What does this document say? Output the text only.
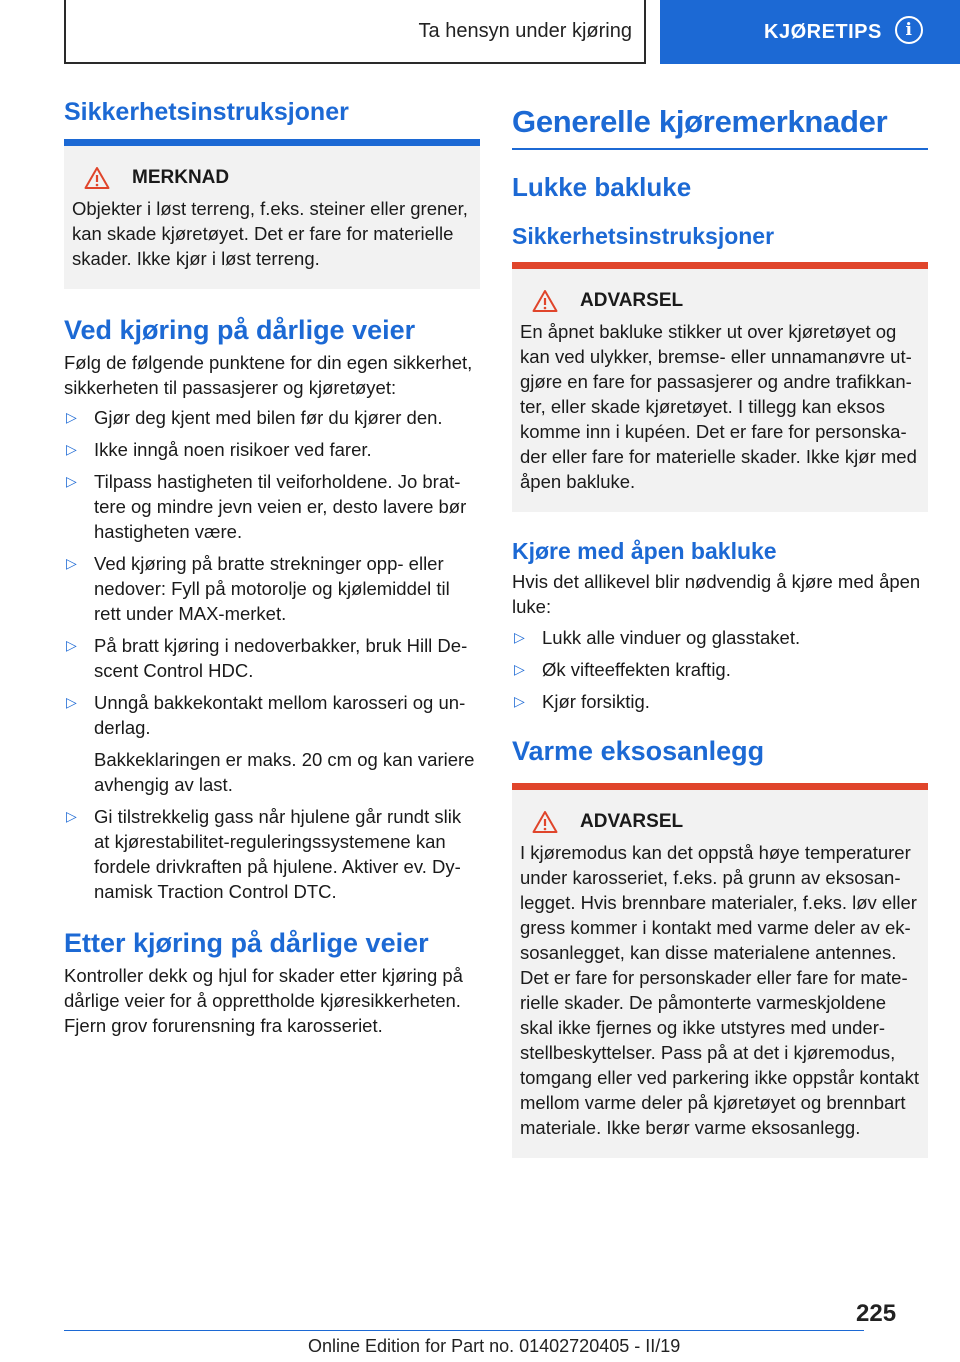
Ta hensyn under kjøring	KJØRETIPS	i
Sikkerhetsinstruksjoner
MERKNAD

Objekter i løst terreng, f.eks. steiner eller grener, kan skade kjøretøyet. Det er fare for materielle skader. Ikke kjør i løst terreng.

Ved kjøring på dårlige veier

Følg de følgende punktene for din egen sikkerhet, sikkerheten til passasjerer og kjøretøyet:

▷ Gjør deg kjent med bilen før du kjører den.
▷ Ikke inngå noen risikoer ved farer.
▷ Tilpass hastigheten til veiforholdene. Jo brattere og mindre jevn veien er, desto lavere bør hastigheten være.
▷ Ved kjøring på bratte strekninger opp- eller nedover: Fyll på motorolje og kjølemiddel til rett under MAX-merket.
▷ På bratt kjøring i nedoverbakker, bruk Hill Descent Control HDC.
▷ Unngå bakkekontakt mellom karosseri og underlag.
Bakkeklaringen er maks. 20 cm og kan variere avhengig av last.
▷ Gi tilstrekkelig gass når hjulene går rundt slik at kjørestabilitet-reguleringssystemene kan fordele drivkraften på hjulene. Aktiver ev. Dynamisk Traction Control DTC.
Etter kjøring på dårlige veier

Kontroller dekk og hjul for skader etter kjøring på dårlige veier for å opprettholde kjøresikkerheten. Fjern grov forurensning fra karosseriet.

Generelle kjøremerknader
Lukke bakluke
Sikkerhetsinstruksjoner
ADVARSEL

En åpnet bakluke stikker ut over kjøretøyet og kan ved ulykker, bremse- eller unnamanøvre utgjøre en fare for passasjerer og andre trafikkanter, eller skade kjøretøyet. I tillegg kan eksos komme inn i kupéen. Det er fare for personskader eller fare for materielle skader. Ikke kjør med åpen bakluke.

Kjøre med åpen bakluke

Hvis det allikevel blir nødvendig å kjøre med åpen luke:

▷ Lukk alle vinduer og glasstaket.
▷ Øk vifteeffekten kraftig.
▷ Kjør forsiktig.
Varme eksosanlegg
ADVARSEL

I kjøremodus kan det oppstå høye temperaturer under karosseriet, f.eks. på grunn av eksosanlegget. Hvis brennbare materialer, f.eks. løv eller gress kommer i kontakt med varme deler av eksosanlegget, kan disse materialene antennes. Det er fare for personskader eller fare for materielle skader. De påmonterte varmeskjoldene skal ikke fjernes og ikke utstyres med understellbeskyttelser. Pass på at det i kjøremodus, tomgang eller ved parkering ikke oppstår kontakt mellom varme deler på kjøretøyet og brennbart materiale. Ikke berør varme eksosanlegg.

225
Online Edition for Part no. 01402720405 - II/19
